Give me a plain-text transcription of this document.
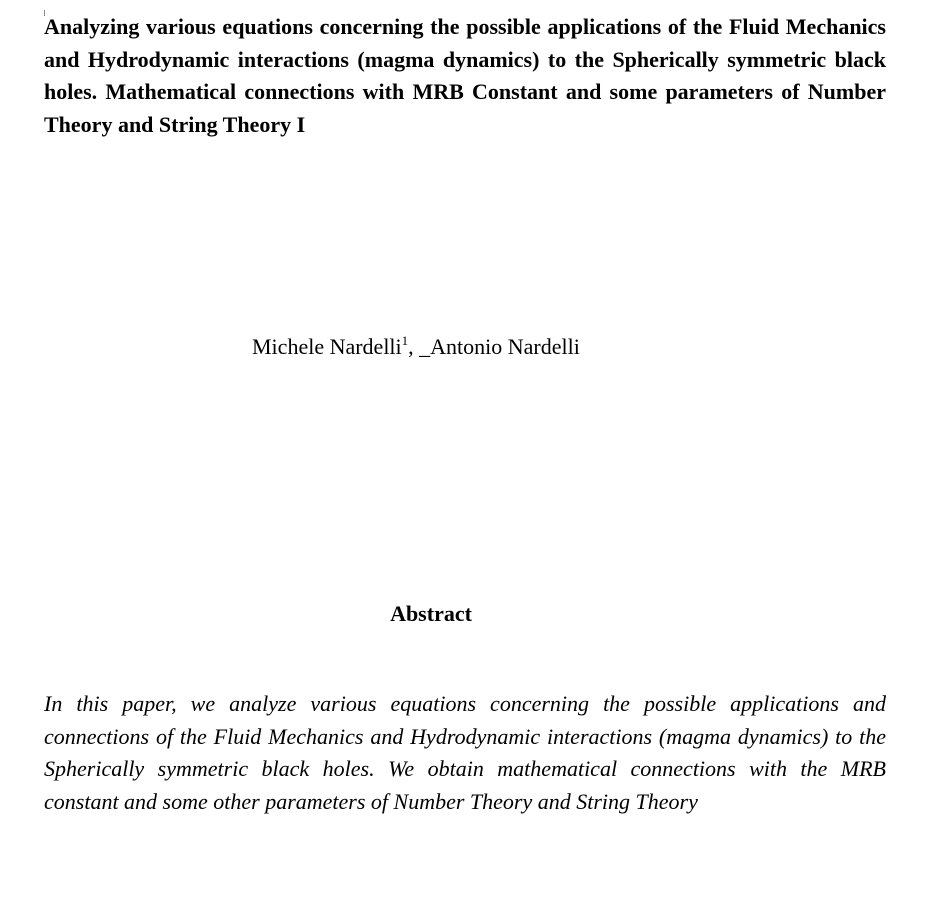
Analyzing various equations concerning the possible applications of the Fluid Mechanics and Hydrodynamic interactions (magma dynamics) to the Spherically symmetric black holes. Mathematical connections with MRB Constant and some parameters of Number Theory and String Theory I

Michele Nardelli$^1$, _Antonio Nardelli

Abstract

In this paper, we analyze various equations concerning the possible applications and connections of the Fluid Mechanics and Hydrodynamic interactions (magma dynamics) to the Spherically symmetric black holes. We obtain mathematical connections with the MRB constant and some other parameters of Number Theory and String Theory
